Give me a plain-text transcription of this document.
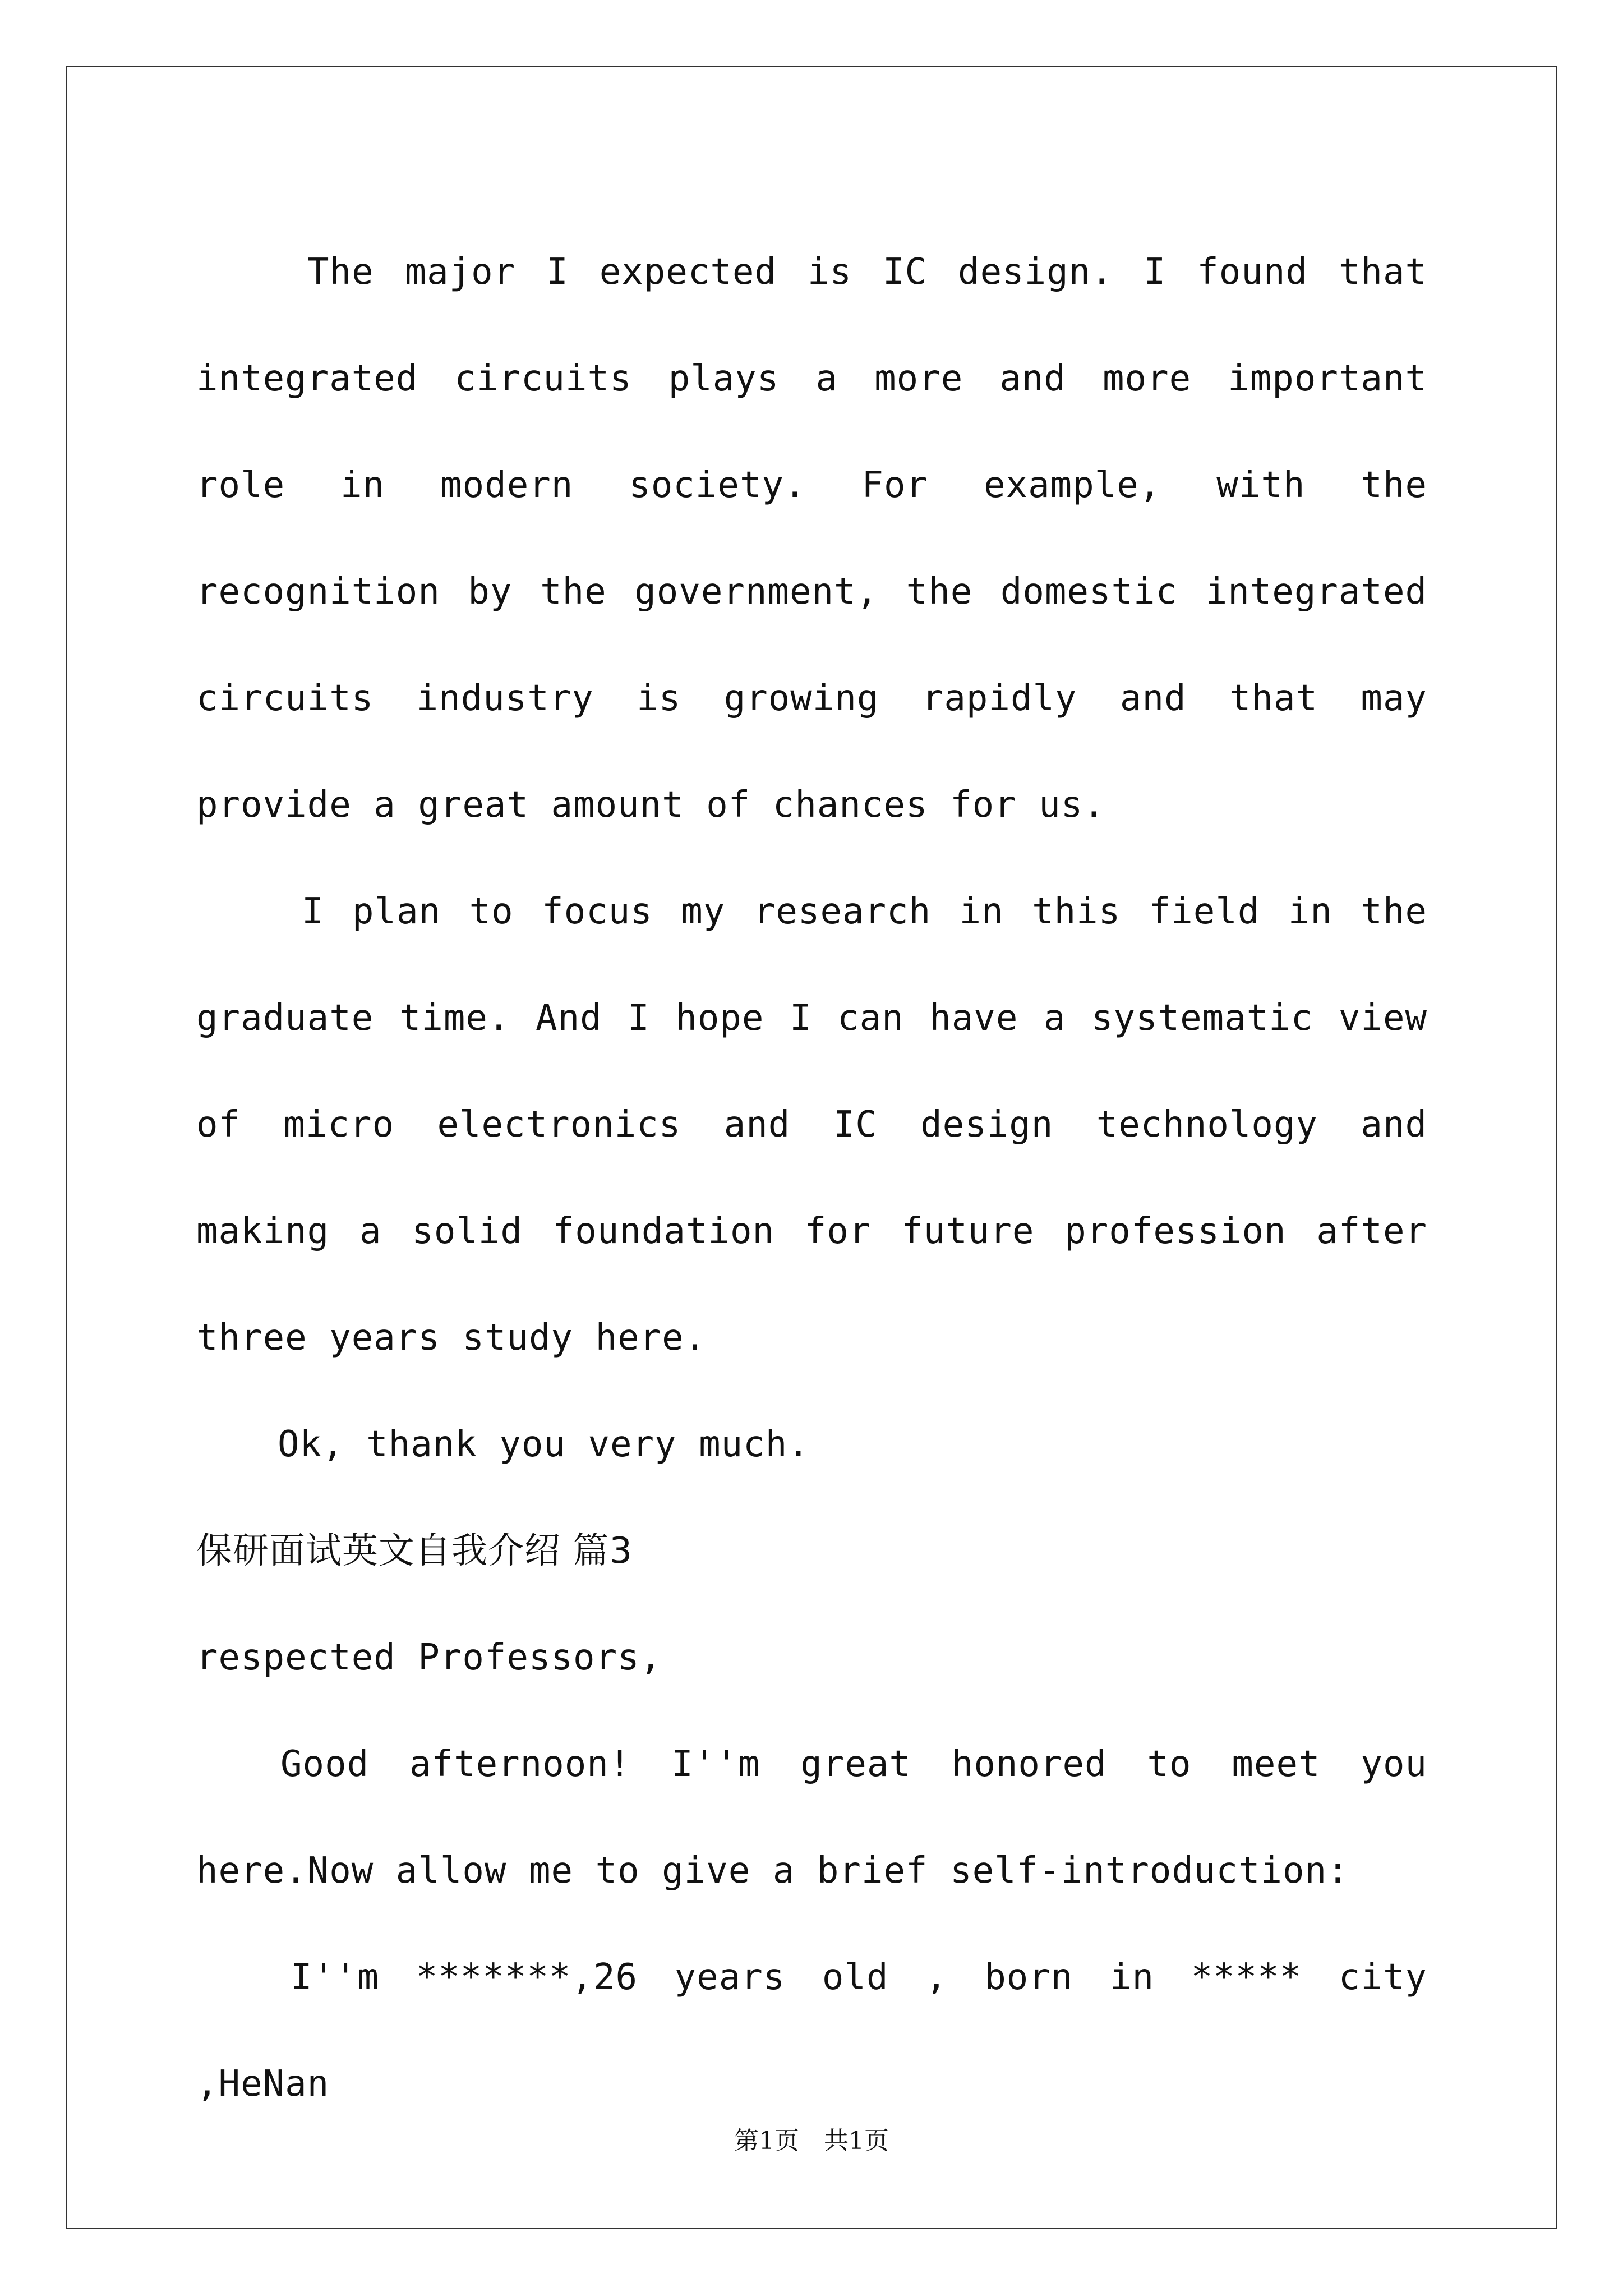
The major I expected is IC design. I found that integrated circuits plays a more and more important role in modern society. For example, with the recognition by the government, the domestic integrated circuits industry is growing rapidly and that may provide a great amount of chances for us.

I plan to focus my research in this field in the graduate time. And I hope I can have a systematic view of micro electronics and IC design technology and making a solid foundation for future profession after three years study here.

Ok, thank you very much.

保研面试英文自我介绍 篇3

respected Professors,

Good afternoon! I''m great honored to meet you here.Now allow me to give a brief self-introduction:

I''m *******,26 years old , born in ***** city ,HeNan

第1页　共1页
